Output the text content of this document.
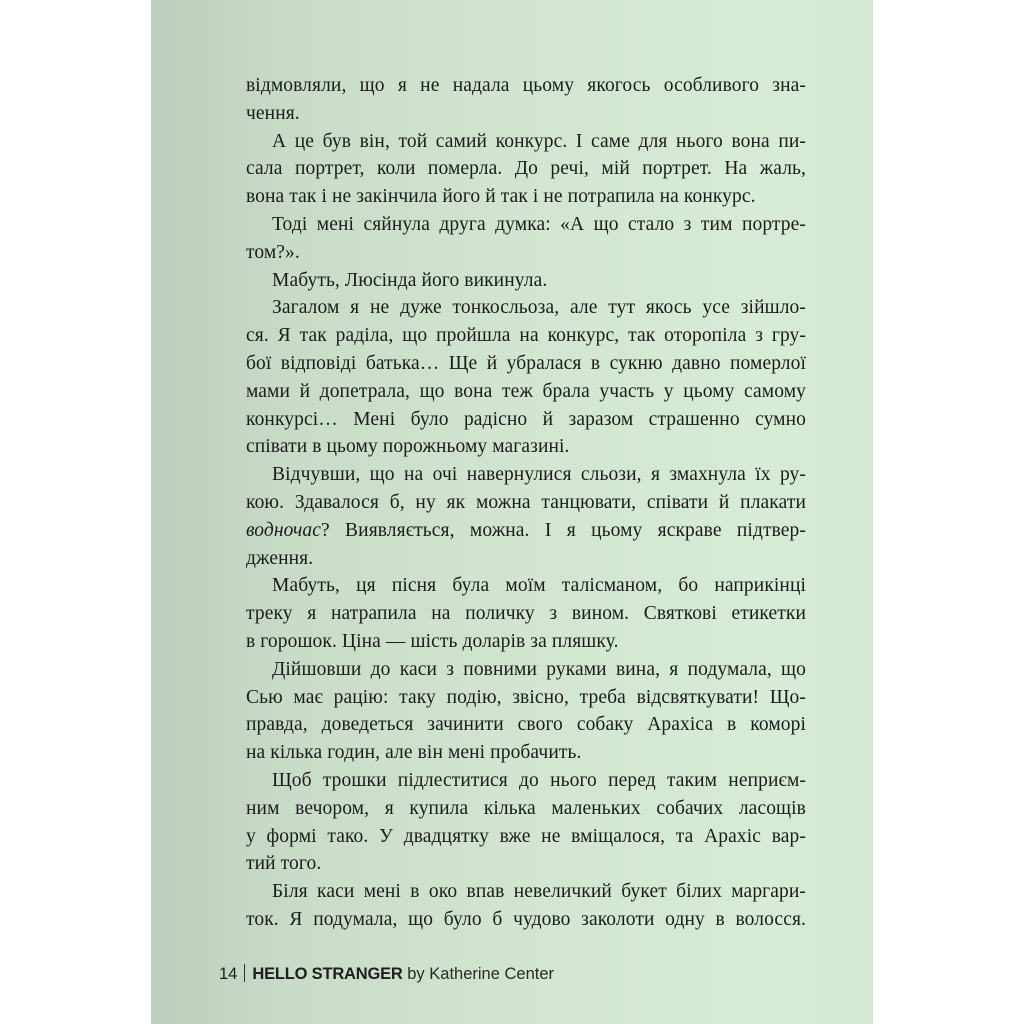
відмовляли, що я не надала цьому якогось особливого зна-
чення.
А це був він, той самий конкурс. І саме для нього вона пи-
сала портрет, коли померла. До речі, мій портрет. На жаль,
вона так і не закінчила його й так і не потрапила на конкурс.
Тоді мені сяйнула друга думка: «А що стало з тим портре-
том?».
Мабуть, Люсінда його викинула.
Загалом я не дуже тонкосльоза, але тут якось усе зійшло-
ся. Я так раділа, що пройшла на конкурс, так оторопіла з гру-
бої відповіді батька… Ще й убралася в сукню давно померлої
мами й допетрала, що вона теж брала участь у цьому самому
конкурсі… Мені було радісно й заразом страшенно сумно
співати в цьому порожньому магазині.
Відчувши, що на очі навернулися сльози, я змахнула їх ру-
кою. Здавалося б, ну як можна танцювати, співати й плакати
водночас? Виявляється, можна. І я цьому яскраве підтвер-
дження.
Мабуть, ця пісня була моїм талісманом, бо наприкінці
треку я натрапила на поличку з вином. Святкові етикетки
в горошок. Ціна — шість доларів за пляшку.
Дійшовши до каси з повними руками вина, я подумала, що
Сью має рацію: таку подію, звісно, треба відсвяткувати! Що-
правда, доведеться зачинити свого собаку Арахіса в коморі
на кілька годин, але він мені пробачить.
Щоб трошки підлеститися до нього перед таким неприєм-
ним вечором, я купила кілька маленьких собачих ласощів
у формі тако. У двадцятку вже не вміщалося, та Арахіс вар-
тий того.
Біля каси мені в око впав невеличкий букет білих маргари-
ток. Я подумала, що було б чудово заколоти одну в волосся.
14 HELLO STRANGER by Katherine Center
